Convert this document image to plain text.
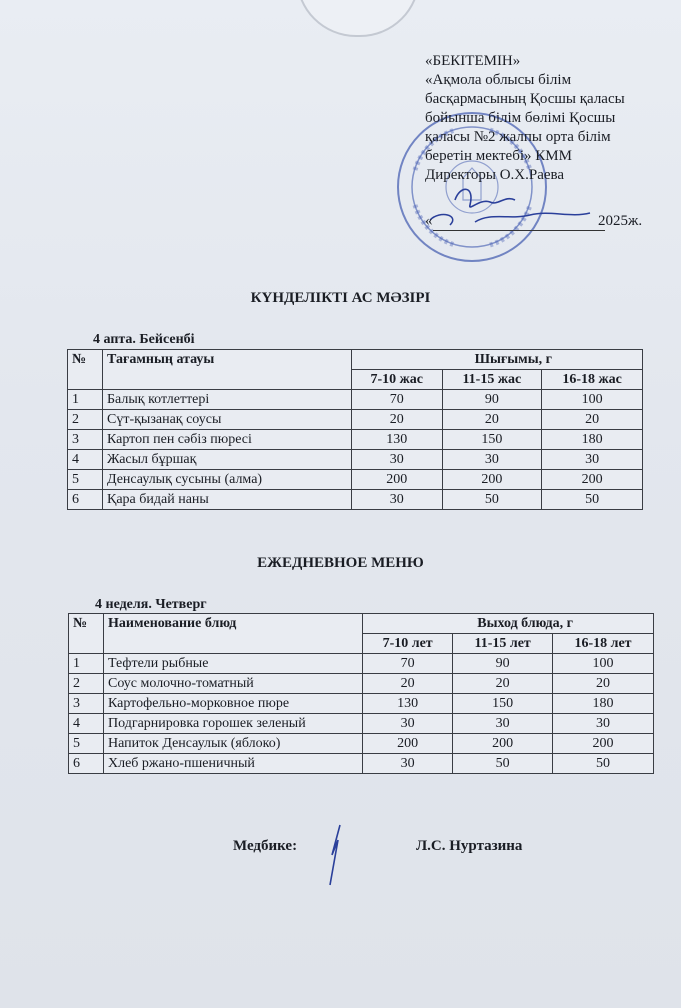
«БЕКІТЕМІН»
«Ақмола облысы білім
басқармасының Қосшы қаласы
бойынша білім бөлімі Қосшы
қаласы №2 жалпы орта білім
беретін мектебі» КММ
Директоры О.Х.Раева
«	2025ж.
КҮНДЕЛІКТІ АС МӘЗІРІ
4 апта. Бейсенбі
№	Тағамның атауы	Шығымы, г		
		7-10 жас	11-15 жас	16-18 жас
1	Балық котлеттері	70	90	100
2	Сүт-қызанақ соусы	20	20	20
3	Картоп пен сәбіз пюресі	130	150	180
4	Жасыл бұршақ	30	30	30
5	Денсаулық сусыны (алма)	200	200	200
6	Қара бидай наны	30	50	50
ЕЖЕДНЕВНОЕ МЕНЮ
4 неделя. Четверг
№	Наименование блюд	Выход блюда, г		
		7-10 лет	11-15 лет	16-18 лет
1	Тефтели рыбные	70	90	100
2	Соус молочно-томатный	20	20	20
3	Картофельно-морковное пюре	130	150	180
4	Подгарнировка горошек зеленый	30	30	30
5	Напиток Денсаулык (яблоко)	200	200	200
6	Хлеб ржано-пшеничный	30	50	50
Медбике:	Л.С. Нуртазина
